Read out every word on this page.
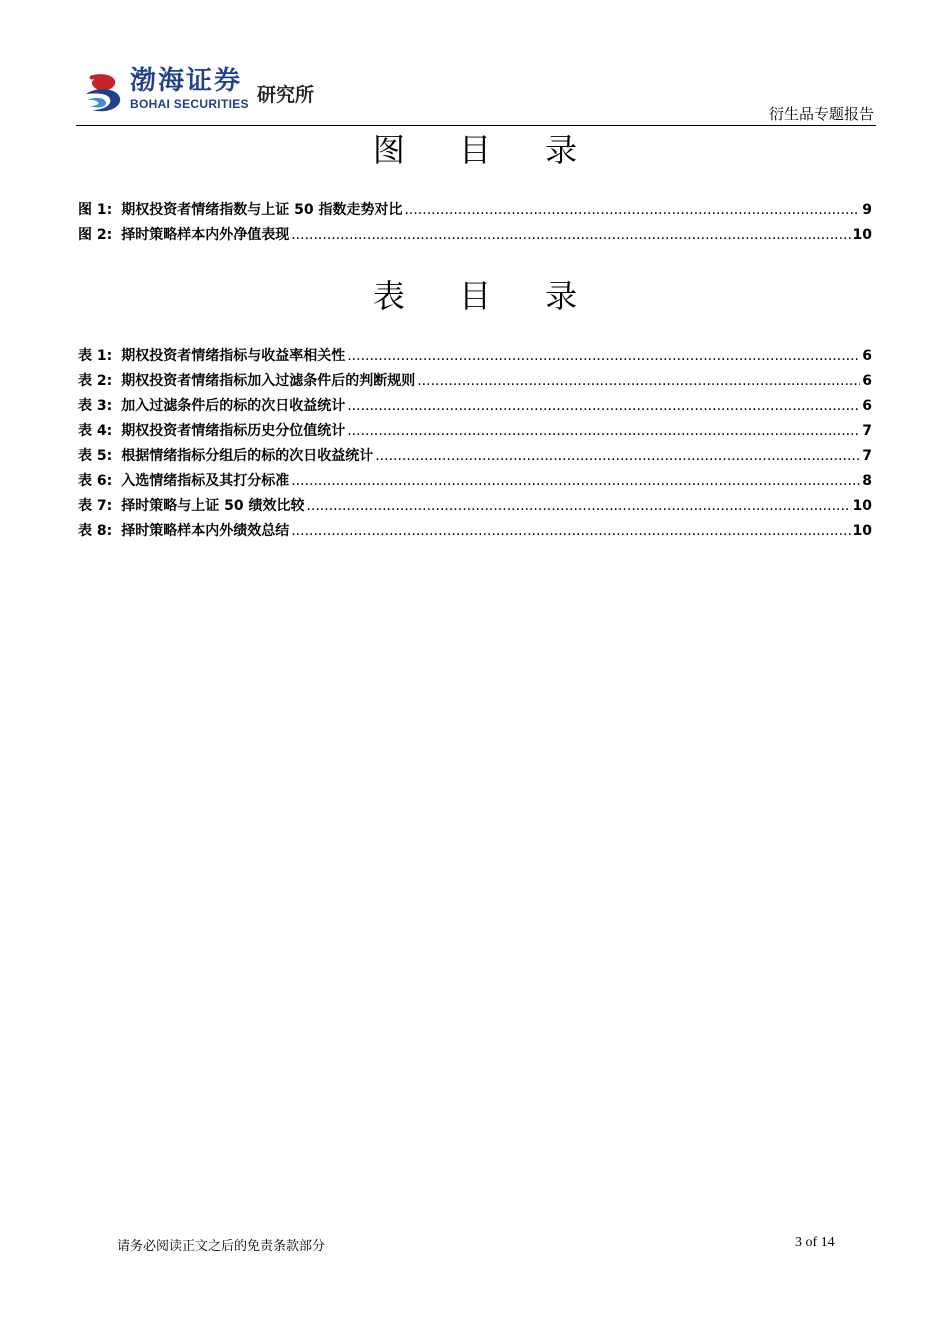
渤海证券
BOHAI SECURITIES 研究所
衍生品专题报告
图 目 录
图 1: 期权投资者情绪指数与上证 50 指数走势对比 .....	9
图 2: 择时策略样本内外净值表现 .....	10
表 目 录
表 1: 期权投资者情绪指标与收益率相关性 .....	6
表 2: 期权投资者情绪指标加入过滤条件后的判断规则 .....	6
表 3: 加入过滤条件后的标的次日收益统计 .....	6
表 4: 期权投资者情绪指标历史分位值统计 .....	7
表 5: 根据情绪指标分组后的标的次日收益统计 .....	7
表 6: 入选情绪指标及其打分标准 .....	8
表 7: 择时策略与上证 50 绩效比较 .....	10
表 8: 择时策略样本内外绩效总结 .....	10
请务必阅读正文之后的免责条款部分	3 of 14
